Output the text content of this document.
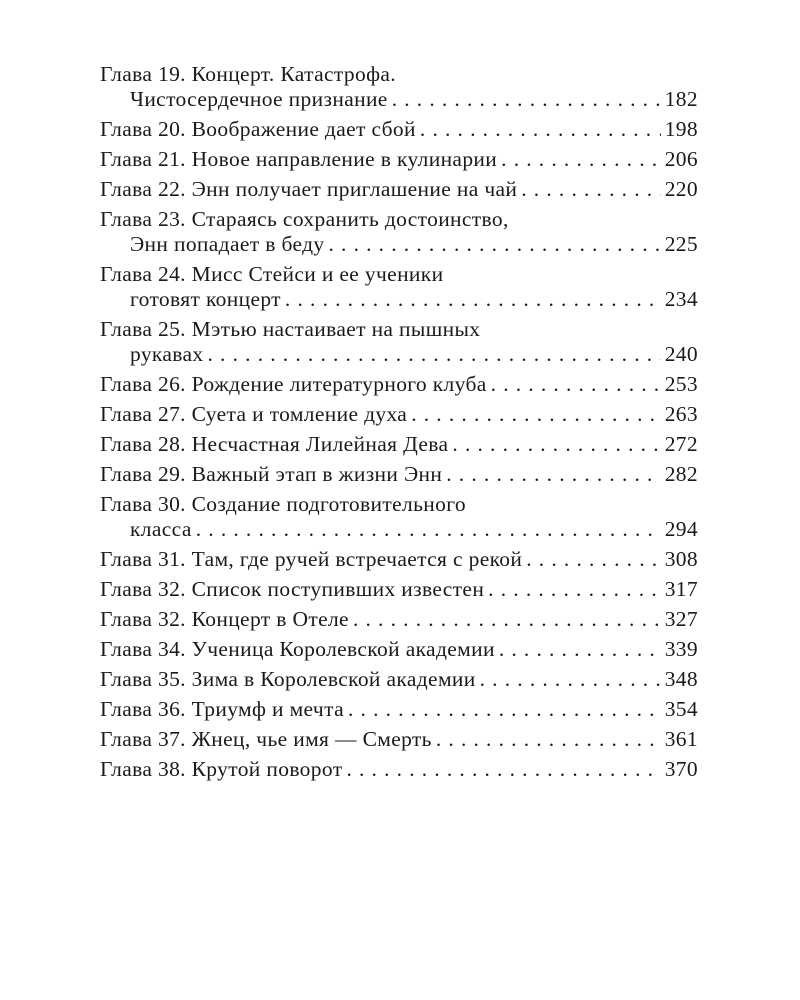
Глава 19. Концерт. Катастрофа.
Чистосердечное признание . . .	182
Глава 20. Воображение дает сбой . . .	198
Глава 21. Новое направление в кулинарии . . .	206
Глава 22. Энн получает приглашение на чай . . .	220
Глава 23. Стараясь сохранить достоинство,
Энн попадает в беду . . .	225
Глава 24. Мисс Стейси и ее ученики
готовят концерт . . .	234
Глава 25. Мэтью настаивает на пышных
рукавах . . .	240
Глава 26. Рождение литературного клуба . . .	253
Глава 27. Суета и томление духа . . .	263
Глава 28. Несчастная Лилейная Дева . . .	272
Глава 29. Важный этап в жизни Энн . . .	282
Глава 30. Создание подготовительного
класса . . .	294
Глава 31. Там, где ручей встречается с рекой . . .	308
Глава 32. Список поступивших известен . . .	317
Глава 32. Концерт в Отеле . . .	327
Глава 34. Ученица Королевской академии . . .	339
Глава 35. Зима в Королевской академии . . .	348
Глава 36. Триумф и мечта . . .	354
Глава 37. Жнец, чье имя — Смерть . . .	361
Глава 38. Крутой поворот . . .	370
